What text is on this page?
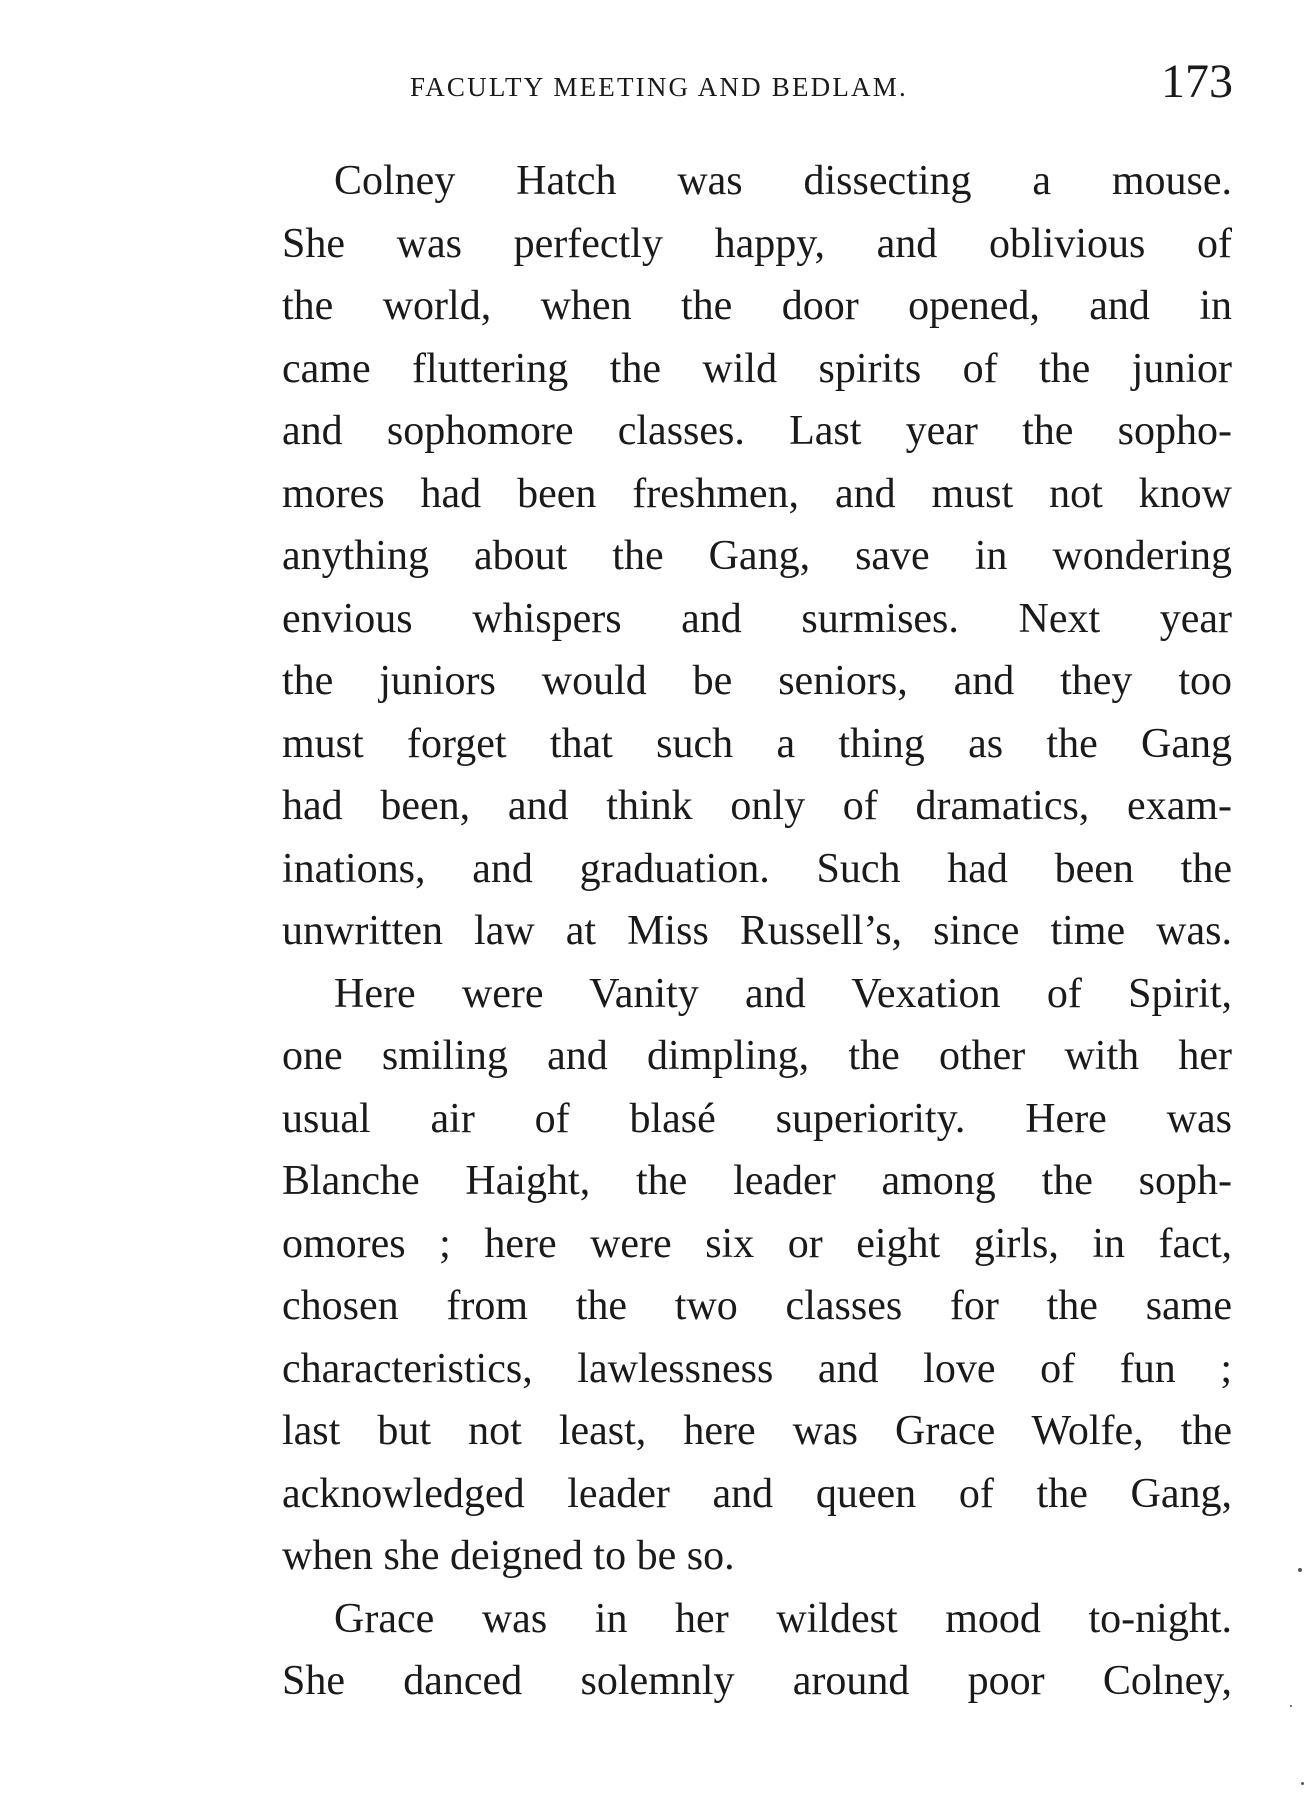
FACULTY MEETING AND BEDLAM.	173
Colney Hatch was dissecting a mouse.
She was perfectly happy, and oblivious of
the world, when the door opened, and in
came fluttering the wild spirits of the junior
and sophomore classes. Last year the sopho-
mores had been freshmen, and must not know
anything about the Gang, save in wondering
envious whispers and surmises. Next year
the juniors would be seniors, and they too
must forget that such a thing as the Gang
had been, and think only of dramatics, exam-
inations, and graduation. Such had been the
unwritten law at Miss Russell’s, since time was.
Here were Vanity and Vexation of Spirit,
one smiling and dimpling, the other with her
usual air of blasé superiority. Here was
Blanche Haight, the leader among the soph-
omores ; here were six or eight girls, in fact,
chosen from the two classes for the same
characteristics, lawlessness and love of fun ;
last but not least, here was Grace Wolfe, the
acknowledged leader and queen of the Gang,
when she deigned to be so.
Grace was in her wildest mood to-night.
She danced solemnly around poor Colney,
